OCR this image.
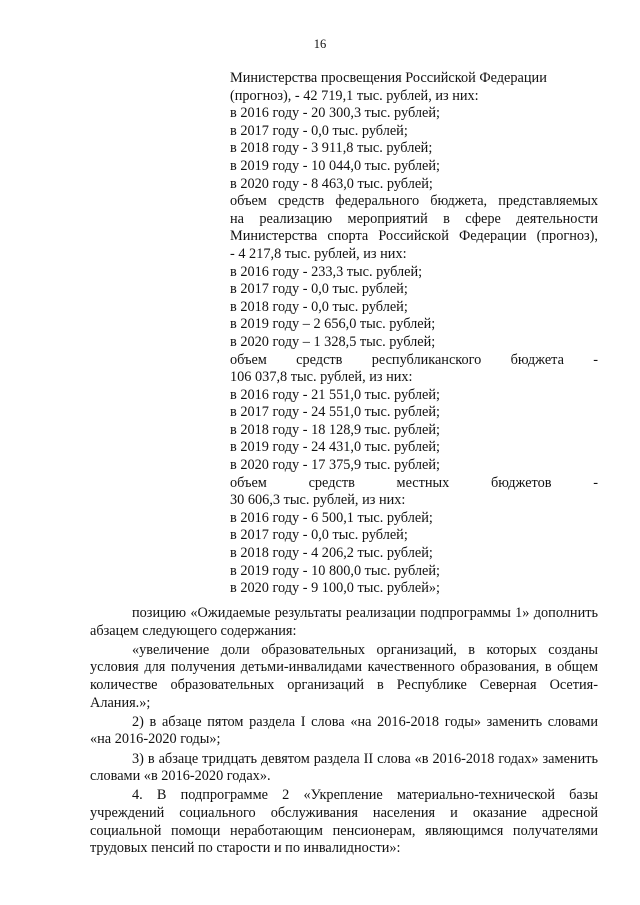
16
Министерства просвещения Российской Федерации
(прогноз), - 42 719,1 тыс. рублей, из них:
в 2016 году - 20 300,3 тыс. рублей;
в 2017 году - 0,0 тыс. рублей;
в 2018 году - 3 911,8 тыс. рублей;
в 2019 году - 10 044,0 тыс. рублей;
в 2020 году - 8 463,0 тыс. рублей;
объем средств федерального бюджета, представляемых
на реализацию мероприятий в сфере деятельности
Министерства спорта Российской Федерации (прогноз),
- 4 217,8 тыс. рублей, из них:
в 2016 году - 233,3 тыс. рублей;
в 2017 году - 0,0 тыс. рублей;
в 2018 году - 0,0 тыс. рублей;
в 2019 году – 2 656,0 тыс. рублей;
в 2020 году – 1 328,5 тыс. рублей;
объем средств республиканского бюджета -
106 037,8 тыс. рублей, из них:
в 2016 году - 21 551,0 тыс. рублей;
в 2017 году - 24 551,0 тыс. рублей;
в 2018 году - 18 128,9 тыс. рублей;
в 2019 году - 24 431,0 тыс. рублей;
в 2020 году - 17 375,9 тыс. рублей;
объем средств местных бюджетов -
30 606,3 тыс. рублей, из них:
в 2016 году - 6 500,1 тыс. рублей;
в 2017 году - 0,0 тыс. рублей;
в 2018 году - 4 206,2 тыс. рублей;
в 2019 году - 10 800,0 тыс. рублей;
в 2020 году - 9 100,0 тыс. рублей»;

позицию «Ожидаемые результаты реализации подпрограммы 1» дополнить абзацем следующего содержания:

«увеличение доли образовательных организаций, в которых созданы условия для получения детьми-инвалидами качественного образования, в общем количестве образовательных организаций в Республике Северная Осетия-Алания.»;

2) в абзаце пятом раздела I слова «на 2016-2018 годы» заменить словами «на 2016-2020 годы»;

3) в абзаце тридцать девятом раздела II слова «в 2016-2018 годах» заменить словами «в 2016-2020 годах».

4. В подпрограмме 2 «Укрепление материально-технической базы учреждений социального обслуживания населения и оказание адресной социальной помощи неработающим пенсионерам, являющимся получателями трудовых пенсий по старости и по инвалидности»:
